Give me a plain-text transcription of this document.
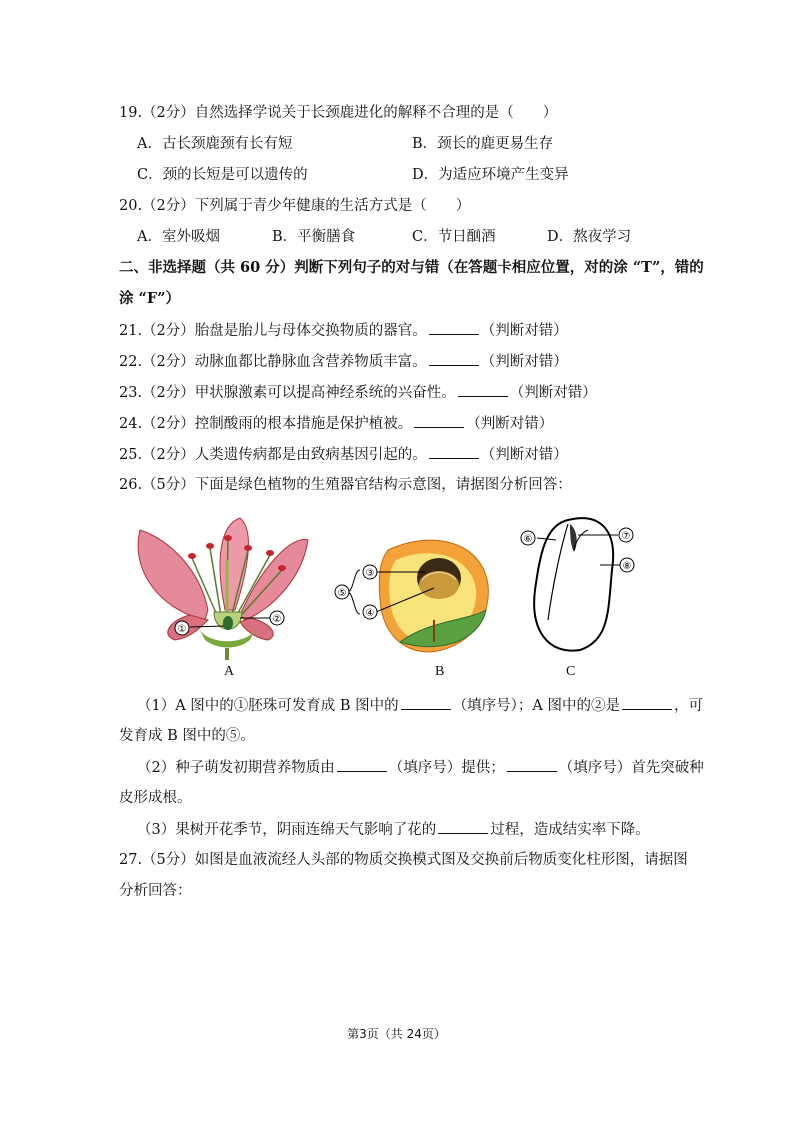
19.（2分）自然选择学说关于长颈鹿进化的解释不合理的是（　　）
A．古长颈鹿颈有长有短	B．颈长的鹿更易生存
C．颈的长短是可以遗传的	D．为适应环境产生变异
20.（2分）下列属于青少年健康的生活方式是（　　）
A．室外吸烟	B．平衡膳食	C．节日酗酒	D．熬夜学习
二、非选择题（共 60 分）判断下列句子的对与错（在答题卡相应位置，对的涂 “T”，错的
涂 “F”）
21.（2分）胎盘是胎儿与母体交换物质的器官。	（判断对错）
22.（2分）动脉血都比静脉血含营养物质丰富。	（判断对错）
23.（2分）甲状腺激素可以提高神经系统的兴奋性。	（判断对错）
24.（2分）控制酸雨的根本措施是保护植被。	（判断对错）
25.（2分）人类遗传病都是由致病基因引起的。	（判断对错）
26.（5分）下面是绿色植物的生殖器官结构示意图，请据图分析回答：
①
②
③
④
⑤
⑥	⑦
⑧
A	B	C
（1）A 图中的①胚珠可发育成 B 图中的	（填序号）；A 图中的②是	，可
发育成 B 图中的⑤。
（2）种子萌发初期营养物质由	（填序号）提供；	（填序号）首先突破种
皮形成根。
（3）果树开花季节，阴雨连绵天气影响了花的	过程，造成结实率下降。
27.（5分）如图是血液流经人头部的物质交换模式图及交换前后物质变化柱形图，请据图
分析回答：
第3页（共 24页）
